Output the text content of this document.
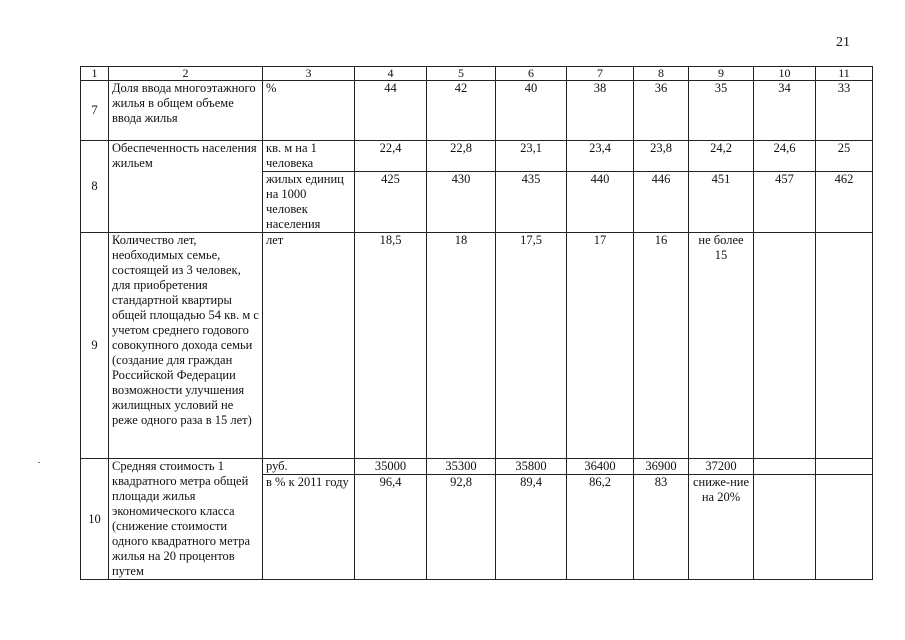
21
1	2	3	4	5	6	7	8	9	10	11
7	Доля ввода многоэтажного жилья в общем объеме ввода жилья	%	44	42	40	38	36	35	34	33
8	Обеспеченность населения жильем	кв. м на 1 человека	22,4	22,8	23,1	23,4	23,8	24,2	24,6	25
		жилых единиц на 1000 человек населения	425	430	435	440	446	451	457	462
9	Количество лет, необходимых семье, состоящей из 3 человек, для приобретения стандартной квартиры общей площадью 54 кв. м с учетом среднего годового совокупного дохода семьи (создание для граждан Российской Федерации возможности улучшения жилищных условий не реже одного раза в 15 лет)	лет	18,5	18	17,5	17	16	не более 15		
10	Средняя стоимость 1 квадратного метра общей площади жилья экономического класса (снижение стоимости одного квадратного метра жилья на 20 процентов путем	руб.	35000	35300	35800	36400	36900	37200		
		в % к 2011 году	96,4	92,8	89,4	86,2	83	сниже-ние на 20%		
